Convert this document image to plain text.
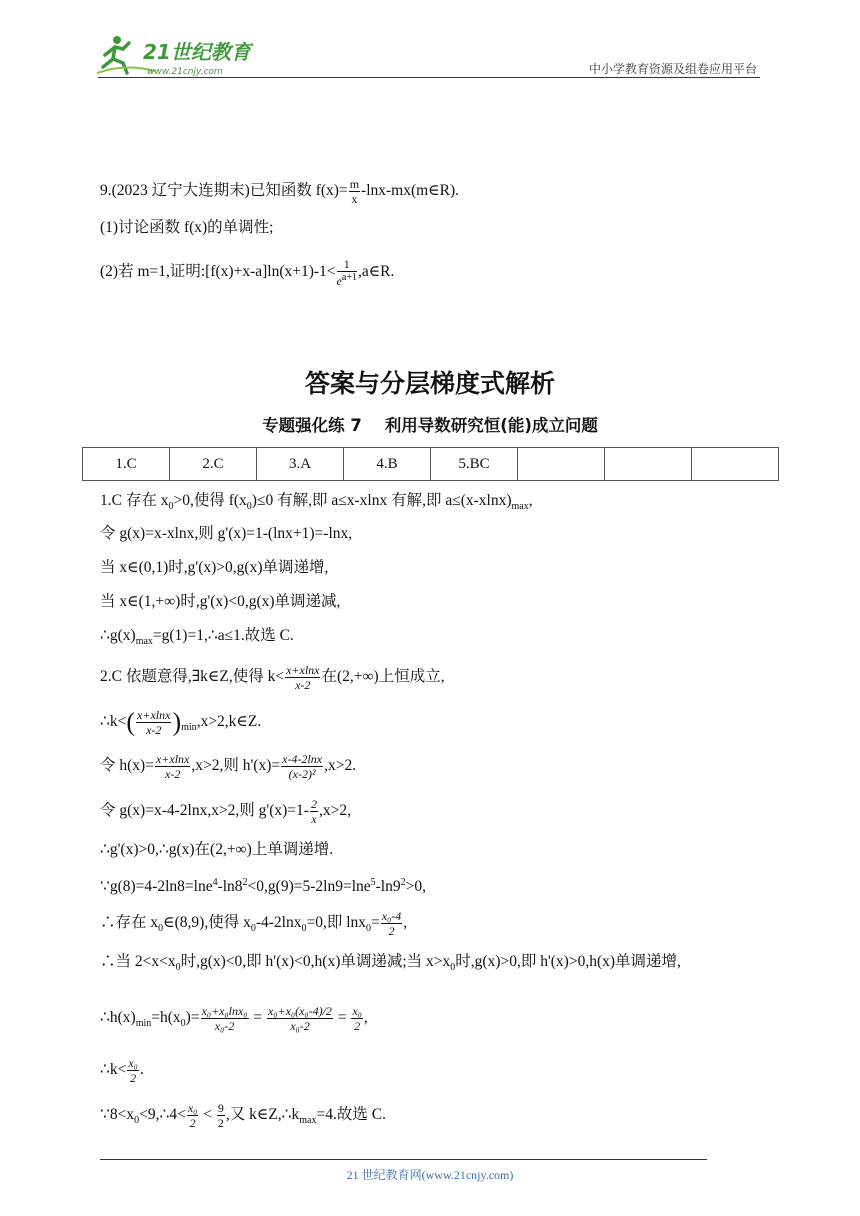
21世纪教育
www.21cnjy.com	中小学教育资源及组卷应用平台
9.(2023 辽宁大连期末)已知函数 $f(x)= \frac{m}{x}$ -lnx-mx(m∈R).
(1)讨论函数 f(x)的单调性;
(2)若 m=1,证明:[f(x)+x-a]ln(x+1)-1< $\frac{1}{e^{a+1}}$ ,a∈R.
答案与分层梯度式解析
专题强化练 7    利用导数研究恒(能)成立问题
1.C	2.C	3.A	4.B	5.BC			
1.C 存在 $x_0>0$,使得 $f(x_0)\le 0$ 有解,即 a≤x-xlnx 有解,即 $a\le(x-xlnx)_{max}$,
令 g(x)=x-xlnx,则 g'(x)=1-(lnx+1)=-lnx,
当 x∈(0,1)时,g'(x)>0,g(x)单调递增,
当 x∈(1,+∞)时,g'(x)<0,g(x)单调递减,
$\therefore g(x)_{max}=g(1)=1,\therefore a\le 1$.故选 C.
2.C 依题意得,∃k∈Z,使得 $k< \frac{x+xlnx}{x-2}$ 在(2,+∞)上恒成立,
∴k<( $\frac{x+xlnx}{x-2}$ )$_{min},x>2,k\in Z$.
令 $h(x)= \frac{x+xlnx}{x-2} ,x>2$,则 $h'(x)= \frac{x-4-2\ln x}{\text{(x-2)²}} ,x>2$.
令 g(x)=x-4-2lnx,x>2,则 $g'(x)=1- \frac{2}{x} ,x>2$,
∴g'(x)>0,∴g(x)在(2,+∞)上单调递增.
$\because g(8)=4-2\ln 8=\ln e^4-\ln 8^2<0,g(9)=5-2\ln 9=\ln e^5-\ln 9^2>0$,
∴存在 $x_0\in(8,9)$,使得 $x_0-4-2\ln x_0=0$,即 $\ln x_0= \frac{\text{x₀-4}}{2}$ ,
∴当 $2<x<x_0$时,g(x)<0,即 h'(x)<0,h(x)单调递减;当 $x>x_0$时,g(x)>0,即 h'(x)>0,h(x)单调递增,
$\therefore h(x)_{min}=h(x_0)= \frac{\text{x₀+x₀lnx₀}}{\text{x₀-2}} = \frac{\text{x₀+x₀(x₀-4)/2}}{\text{x₀-2}} = \frac{\text{x₀}}{2}$ ,
∴k< $\frac{\text{x₀}}{2}$ .
$\because 8<x_0<9,\therefore 4< \frac{\text{x₀}}{2} < \frac{9}{2}$ ,又 $k\in Z,\therefore k_{max}=4$.故选 C.
21 世纪教育网(www.21cnjy.com)
